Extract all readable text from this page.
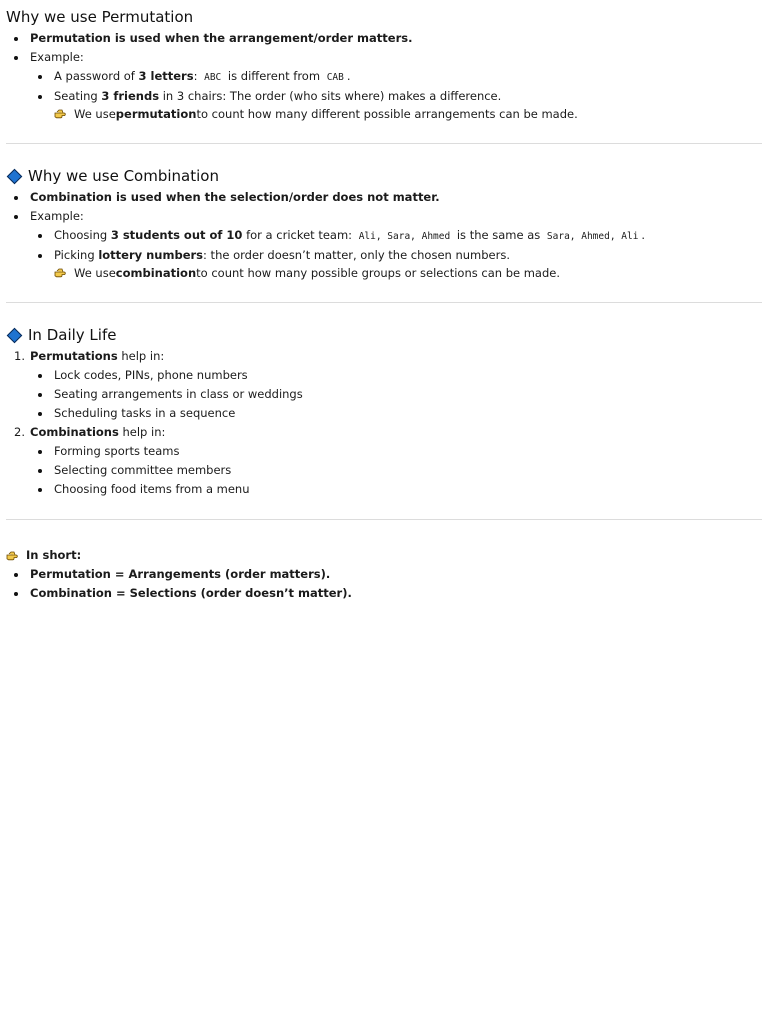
Why we use Permutation
Permutation is used when the arrangement/order matters.
Example:
A password of 3 letters: ABC is different from CAB .
Seating 3 friends in 3 chairs: The order (who sits where) makes a difference.
We use permutation to count how many different possible arrangements can be made.
Why we use Combination
Combination is used when the selection/order does not matter.
Example:
Choosing 3 students out of 10 for a cricket team: Ali, Sara, Ahmed is the same as Sara, Ahmed, Ali .
Picking lottery numbers: the order doesn’t matter, only the chosen numbers.
We use combination to count how many possible groups or selections can be made.
In Daily Life
1. Permutations help in:
Lock codes, PINs, phone numbers
Seating arrangements in class or weddings
Scheduling tasks in a sequence
2. Combinations help in:
Forming sports teams
Selecting committee members
Choosing food items from a menu
In short:
Permutation = Arrangements (order matters).
Combination = Selections (order doesn’t matter).
